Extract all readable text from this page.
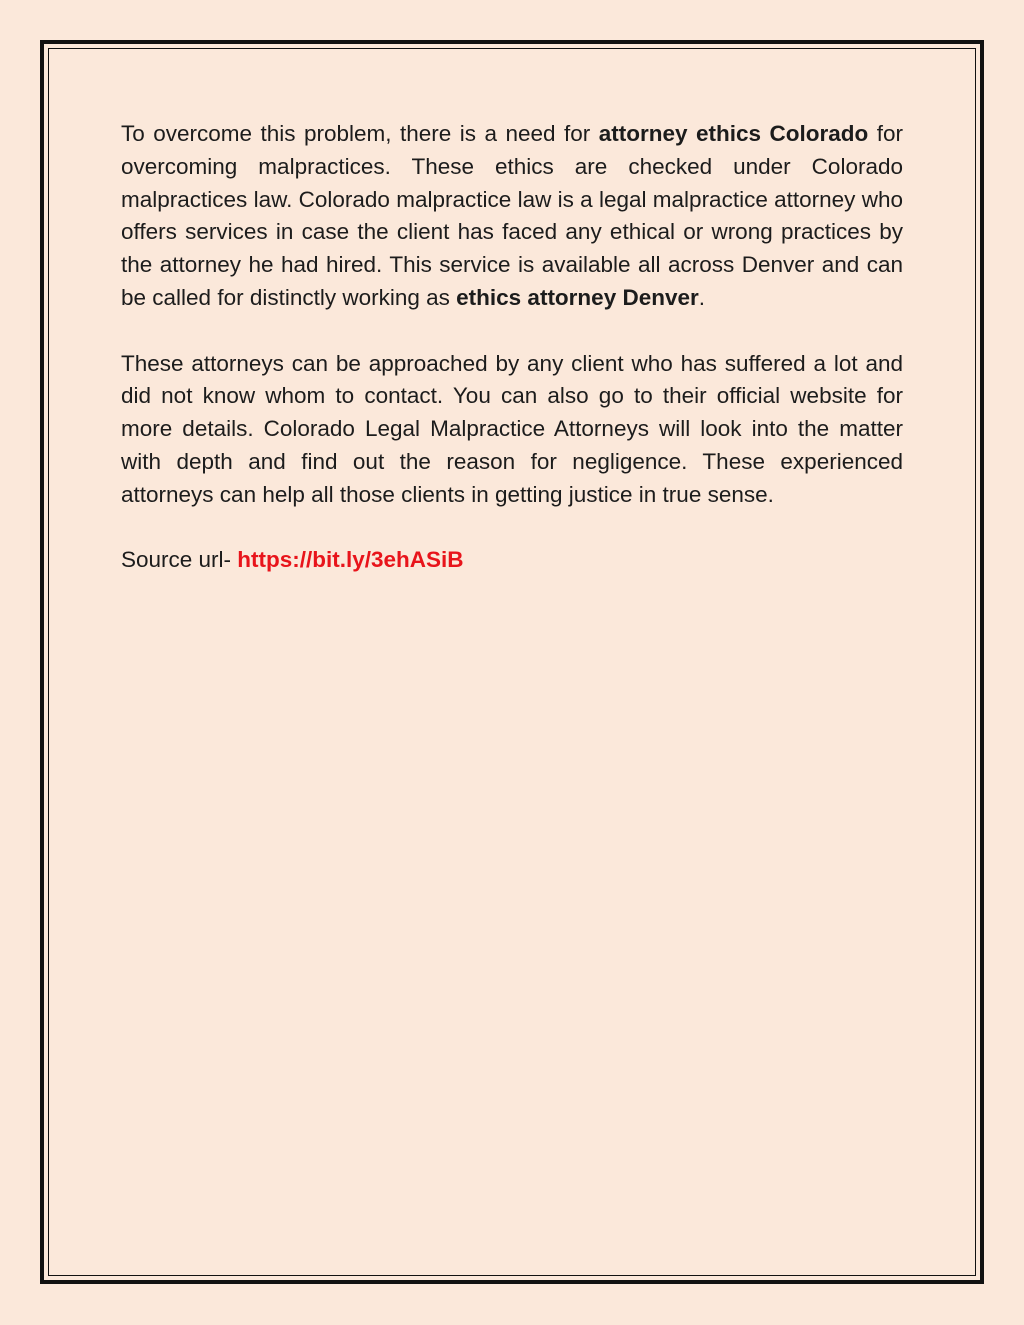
To overcome this problem, there is a need for attorney ethics Colorado for overcoming malpractices. These ethics are checked under Colorado malpractices law. Colorado malpractice law is a legal malpractice attorney who offers services in case the client has faced any ethical or wrong practices by the attorney he had hired. This service is available all across Denver and can be called for distinctly working as ethics attorney Denver.

These attorneys can be approached by any client who has suffered a lot and did not know whom to contact. You can also go to their official website for more details. Colorado Legal Malpractice Attorneys will look into the matter with depth and find out the reason for negligence. These experienced attorneys can help all those clients in getting justice in true sense.

Source url- https://bit.ly/3ehASiB
